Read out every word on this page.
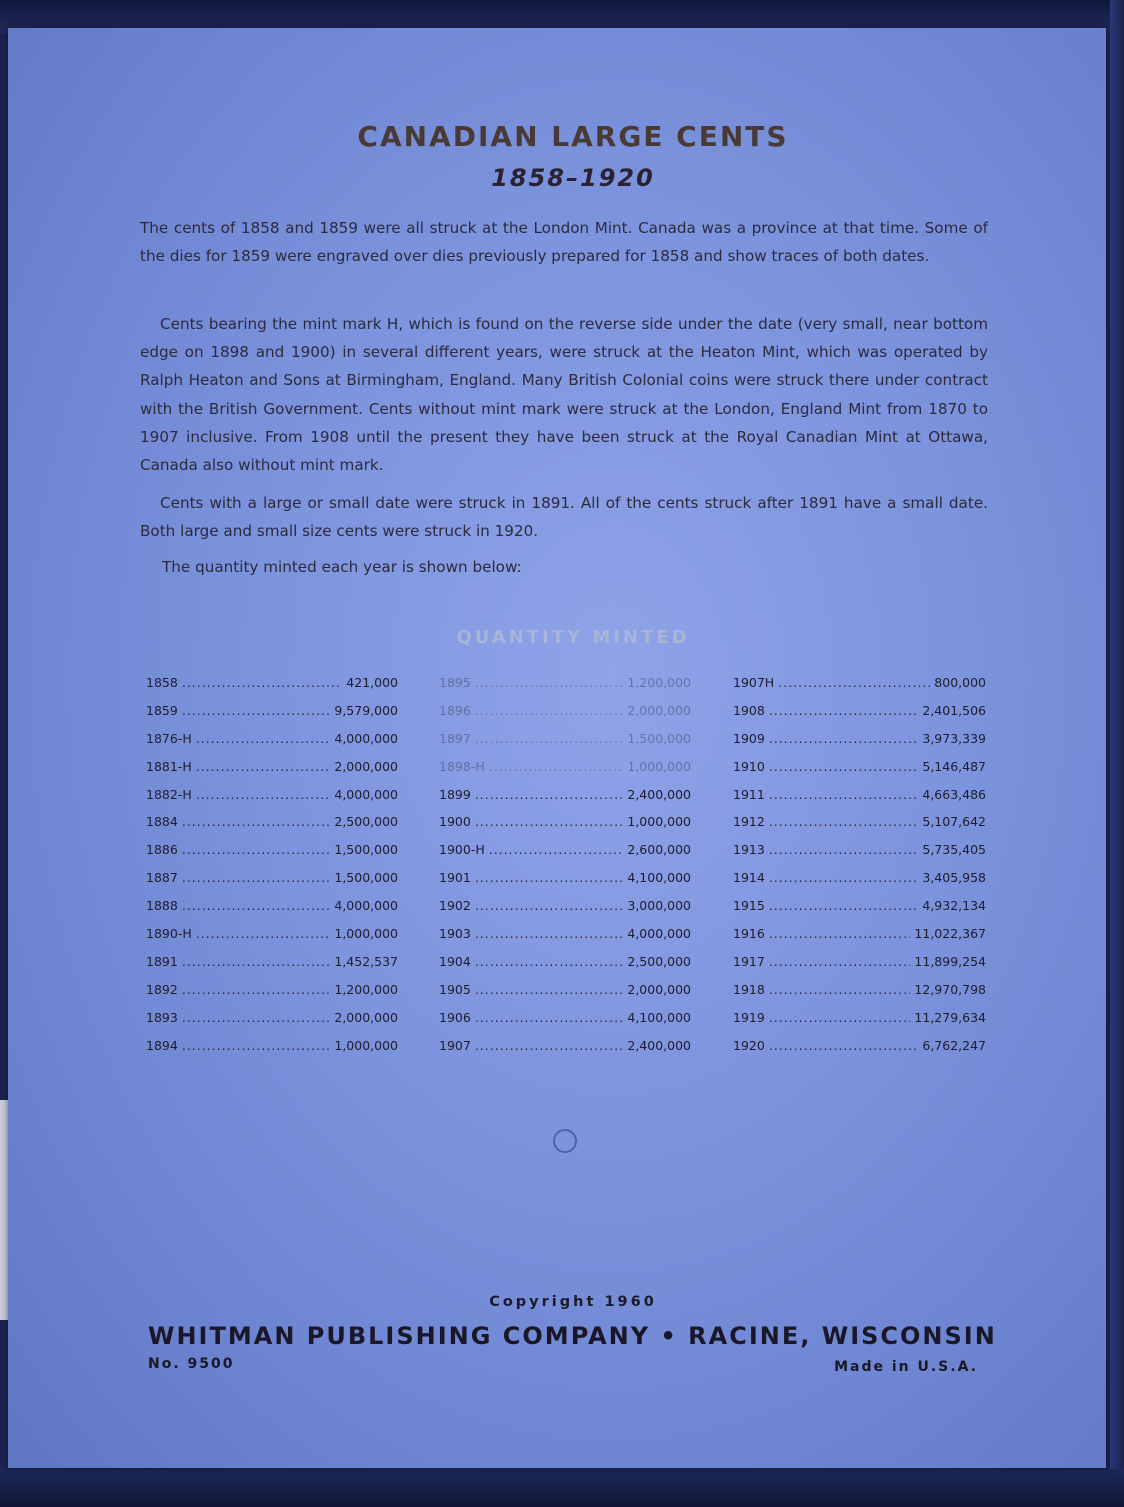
CANADIAN LARGE CENTS
1858–1920

The cents of 1858 and 1859 were all struck at the London Mint. Canada was a province at that time. Some of the dies for 1859 were engraved over dies previously prepared for 1858 and show traces of both dates.

Cents bearing the mint mark H, which is found on the reverse side under the date (very small, near bottom edge on 1898 and 1900) in several different years, were struck at the Heaton Mint, which was operated by Ralph Heaton and Sons at Birmingham, England. Many British Colonial coins were struck there under contract with the British Government. Cents without mint mark were struck at the London, England Mint from 1870 to 1907 inclusive. From 1908 until the present they have been struck at the Royal Canadian Mint at Ottawa, Canada also without mint mark.

Cents with a large or small date were struck in 1891. All of the cents struck after 1891 have a small date. Both large and small size cents were struck in 1920.

The quantity minted each year is shown below:

QUANTITY MINTED
1858 .....	421,000
1859 .....	9,579,000
1876-H .....	4,000,000
1881-H .....	2,000,000
1882-H .....	4,000,000
1884 .....	2,500,000
1886 .....	1,500,000
1887 .....	1,500,000
1888 .....	4,000,000
1890-H .....	1,000,000
1891 .....	1,452,537
1892 .....	1,200,000
1893 .....	2,000,000
1894 .....	1,000,000
1895 .....	1,200,000
1896 .....	2,000,000
1897 .....	1,500,000
1898-H .....	1,000,000
1899 .....	2,400,000
1900 .....	1,000,000
1900-H .....	2,600,000
1901 .....	4,100,000
1902 .....	3,000,000
1903 .....	4,000,000
1904 .....	2,500,000
1905 .....	2,000,000
1906 .....	4,100,000
1907 .....	2,400,000
1907H .....	800,000
1908 .....	2,401,506
1909 .....	3,973,339
1910 .....	5,146,487
1911 .....	4,663,486
1912 .....	5,107,642
1913 .....	5,735,405
1914 .....	3,405,958
1915 .....	4,932,134
1916 .....	11,022,367
1917 .....	11,899,254
1918 .....	12,970,798
1919 .....	11,279,634
1920 .....	6,762,247
Copyright 1960
WHITMAN PUBLISHING COMPANY • RACINE, WISCONSIN
No. 9500	Made in U.S.A.
